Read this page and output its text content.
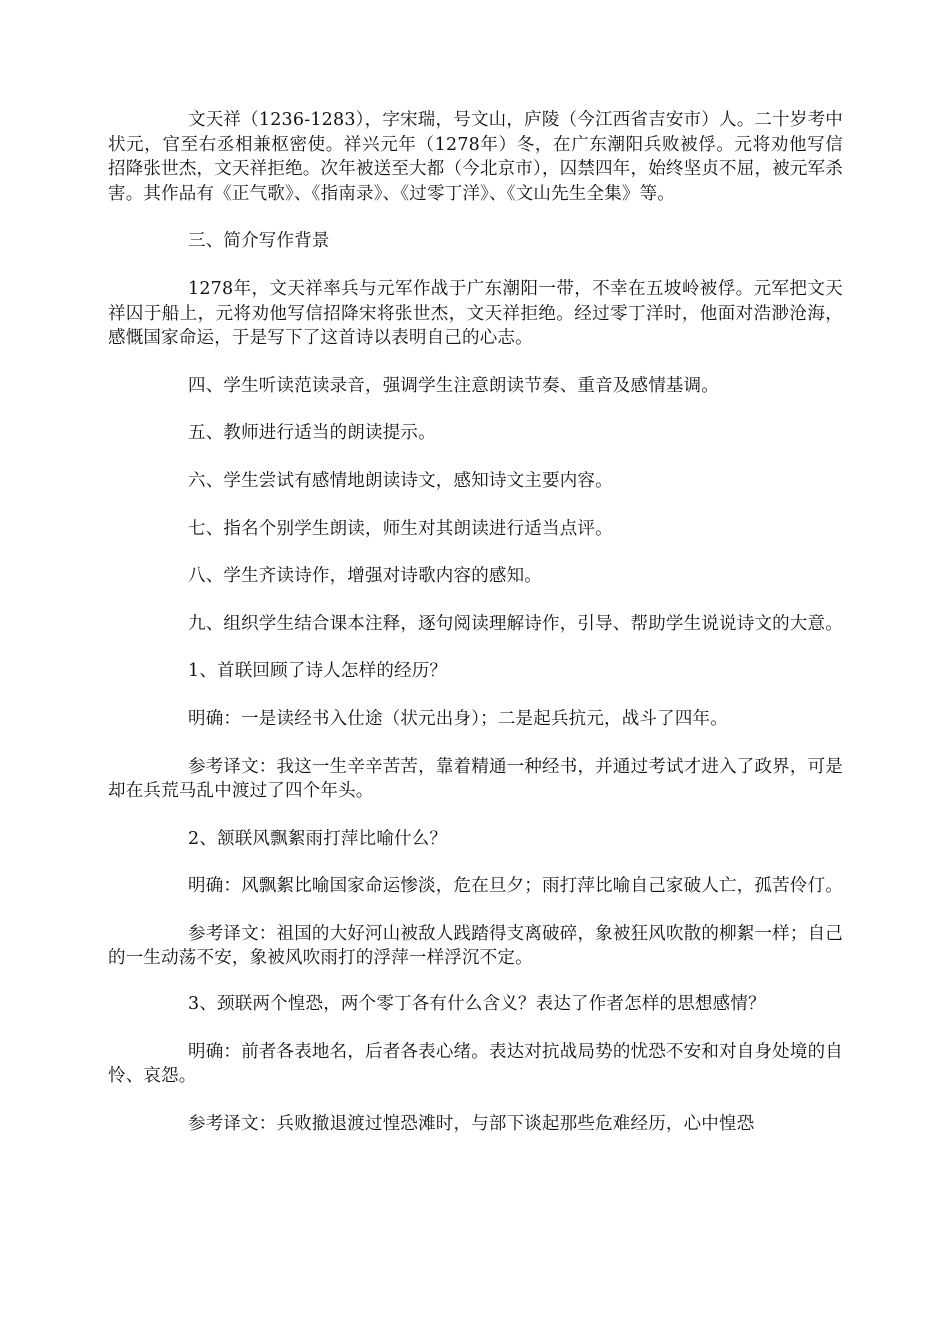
文天祥（1236-1283），字宋瑞，号文山，庐陵（今江西省吉安市）人。二十岁考中状元，官至右丞相兼枢密使。祥兴元年（1278年）冬，在广东潮阳兵败被俘。元将劝他写信招降张世杰，文天祥拒绝。次年被送至大都（今北京市），囚禁四年，始终坚贞不屈，被元军杀害。其作品有《正气歌》、《指南录》、《过零丁洋》、《文山先生全集》等。

三、简介写作背景

1278年，文天祥率兵与元军作战于广东潮阳一带，不幸在五坡岭被俘。元军把文天祥囚于船上，元将劝他写信招降宋将张世杰，文天祥拒绝。经过零丁洋时，他面对浩渺沧海，感慨国家命运，于是写下了这首诗以表明自己的心志。

四、学生听读范读录音，强调学生注意朗读节奏、重音及感情基调。

五、教师进行适当的朗读提示。

六、学生尝试有感情地朗读诗文，感知诗文主要内容。

七、指名个别学生朗读，师生对其朗读进行适当点评。

八、学生齐读诗作，增强对诗歌内容的感知。

九、组织学生结合课本注释，逐句阅读理解诗作，引导、帮助学生说说诗文的大意。

1、首联回顾了诗人怎样的经历？

明确：一是读经书入仕途（状元出身）；二是起兵抗元，战斗了四年。

参考译文：我这一生辛辛苦苦，靠着精通一种经书，并通过考试才进入了政界，可是却在兵荒马乱中渡过了四个年头。

2、颔联风飘絮雨打萍比喻什么？

明确：风飘絮比喻国家命运惨淡，危在旦夕；雨打萍比喻自己家破人亡，孤苦伶仃。

参考译文：祖国的大好河山被敌人践踏得支离破碎，象被狂风吹散的柳絮一样；自己的一生动荡不安，象被风吹雨打的浮萍一样浮沉不定。

3、颈联两个惶恐，两个零丁各有什么含义？表达了作者怎样的思想感情？

明确：前者各表地名，后者各表心绪。表达对抗战局势的忧恐不安和对自身处境的自怜、哀怨。

参考译文：兵败撤退渡过惶恐滩时，与部下谈起那些危难经历，心中惶恐
